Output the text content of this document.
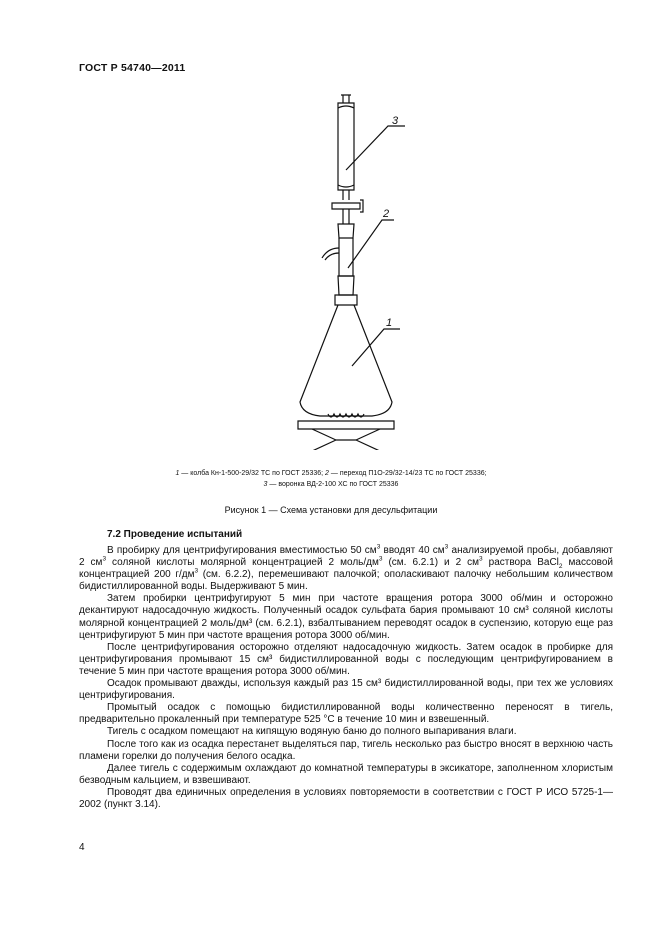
ГОСТ Р 54740—2011
3
2
1
1 — колба Кн-1-500-29/32 ТС по ГОСТ 25336; 2 — переход П1О-29/32-14/23 ТС по ГОСТ 25336;
3 — воронка ВД-2-100 ХС по ГОСТ 25336
Рисунок 1 — Схема установки для десульфитации
7.2 Проведение испытаний

В пробирку для центрифугирования вместимостью 50 $см^3$ вводят 40 $см^3$ анализируемой пробы, добавляют 2 $см^3$ соляной кислоты молярной концентрацией 2 моль/$дм^3$ (см. 6.2.1) и 2 $см^3$ раствора BaCl$_2$ массовой концентрацией 200 $г/дм^3$ (см. 6.2.2), перемешивают палочкой; ополаскивают палочку небольшим количеством бидистиллированной воды. Выдерживают 5 мин.

Затем пробирки центрифугируют 5 мин при частоте вращения ротора 3000 об/мин и осторожно декантируют надосадочную жидкость. Полученный осадок сульфата бария промывают 10 см³ соляной кислоты молярной концентрацией 2 моль/дм³ (см. 6.2.1), взбалтыванием переводят осадок в суспензию, которую еще раз центрифугируют 5 мин при частоте вращения ротора 3000 об/мин.

После центрифугирования осторожно отделяют надосадочную жидкость. Затем осадок в пробирке для центрифугирования промывают 15 см³ бидистиллированной воды с последующим центрифугированием в течение 5 мин при частоте вращения ротора 3000 об/мин.

Осадок промывают дважды, используя каждый раз 15 см³ бидистиллированной воды, при тех же условиях центрифугирования.

Промытый осадок с помощью бидистиллированной воды количественно переносят в тигель, предварительно прокаленный при температуре 525 °С в течение 10 мин и взвешенный.

Тигель с осадком помещают на кипящую водяную баню до полного выпаривания влаги.

После того как из осадка перестанет выделяться пар, тигель несколько раз быстро вносят в верхнюю часть пламени горелки до получения белого осадка.

Далее тигель с содержимым охлаждают до комнатной температуры в эксикаторе, заполненном хлористым безводным кальцием, и взвешивают.

Проводят два единичных определения в условиях повторяемости в соответствии с ГОСТ Р ИСО 5725-1—2002 (пункт 3.14).

4
